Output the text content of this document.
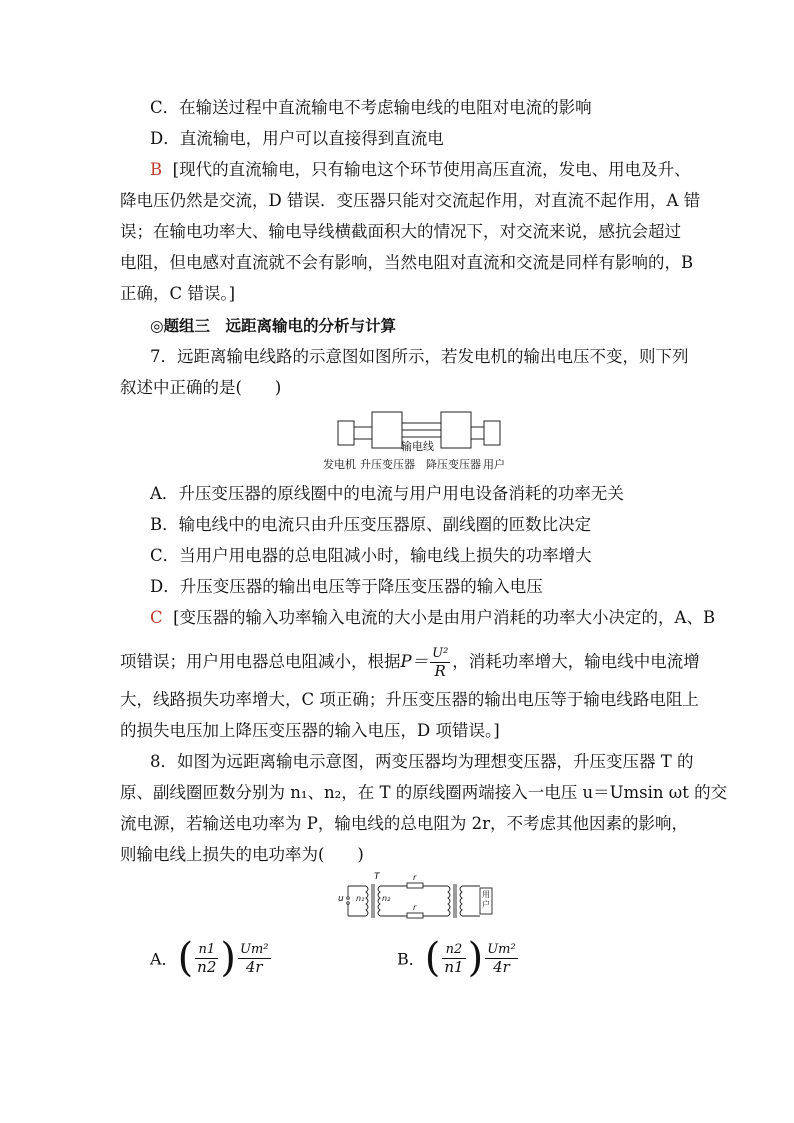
C．在输送过程中直流输电不考虑输电线的电阻对电流的影响
D．直流输电，用户可以直接得到直流电
B [现代的直流输电，只有输电这个环节使用高压直流，发电、用电及升、
降电压仍然是交流，D 错误．变压器只能对交流起作用，对直流不起作用，A 错
误；在输电功率大、输电导线横截面积大的情况下，对交流来说，感抗会超过
电阻，但电感对直流就不会有影响，当然电阻对直流和交流是同样有影响的，B
正确，C 错误。]
◎题组三　远距离输电的分析与计算
7．远距离输电线路的示意图如图所示，若发电机的输出电压不变，则下列
叙述中正确的是(　　)
输电线
发电机 升压变压器 降压变压器 用户
A．升压变压器的原线圈中的电流与用户用电设备消耗的功率无关
B．输电线中的电流只由升压变压器原、副线圈的匝数比决定
C．当用户用电器的总电阻减小时，输电线上损失的功率增大
D．升压变压器的输出电压等于降压变压器的输入电压
C [变压器的输入功率输入电流的大小是由用户消耗的功率大小决定的，A、B
项错误；用户用电器总电阻减小，根据$P= \frac{\text{U²}}{R}$ ，消耗功率增大，输电线中电流增
大，线路损失功率增大，C 项正确；升压变压器的输出电压等于输电线路电阻上
的损失电压加上降压变压器的输入电压，D 项错误。]
8．如图为远距离输电示意图，两变压器均为理想变压器，升压变压器 T 的
原、副线圈匝数分别为 n₁、n₂，在 T 的原线圈两端接入一电压 u＝Umsin ωt 的交
流电源，若输送电功率为 P，输电线的总电阻为 2r，不考虑其他因素的影响，
则输电线上损失的电功率为(　　)
T
u n₁ n₂
r
r
用户
A．( $\frac{n1}{n2}$ ) $\frac{\text{Um²}}{4r}$	B．( $\frac{n2}{n1}$ ) $\frac{\text{Um²}}{4r}$
